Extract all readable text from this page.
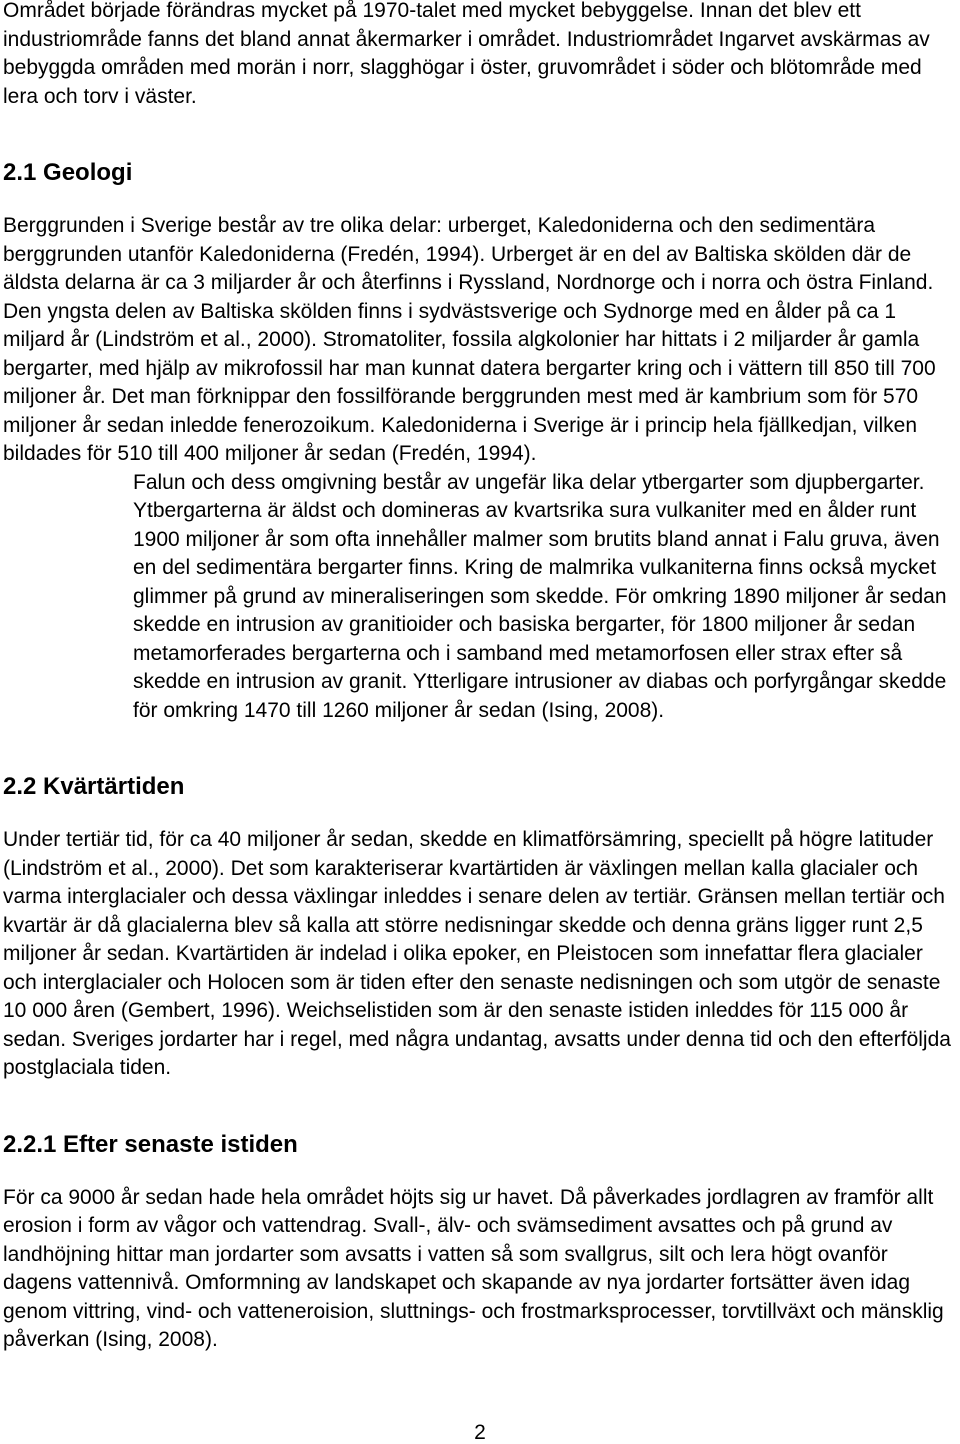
Området började förändras mycket på 1970-talet med mycket bebyggelse. Innan det blev ett industriområde fanns det bland annat åkermarker i området. Industriområdet Ingarvet avskärmas av bebyggda områden med morän i norr, slagghögar i öster, gruvområdet i söder och blötområde med lera och torv i väster.

2.1 Geologi

Berggrunden i Sverige består av tre olika delar: urberget, Kaledoniderna och den sedimentära berggrunden utanför Kaledoniderna (Fredén, 1994). Urberget är en del av Baltiska skölden där de äldsta delarna är ca 3 miljarder år och återfinns i Ryssland, Nordnorge och i norra och östra Finland. Den yngsta delen av Baltiska skölden finns i sydvästsverige och Sydnorge med en ålder på ca 1 miljard år (Lindström et al., 2000). Stromatoliter, fossila algkolonier har hittats i 2 miljarder år gamla bergarter, med hjälp av mikrofossil har man kunnat datera bergarter kring och i vättern till 850 till 700 miljoner år. Det man förknippar den fossilförande berggrunden mest med är kambrium som för 570 miljoner år sedan inledde fenerozoikum. Kaledoniderna i Sverige är i princip hela fjällkedjan, vilken bildades för 510 till 400 miljoner år sedan (Fredén, 1994).

Falun och dess omgivning består av ungefär lika delar ytbergarter som djupbergarter. Ytbergarterna är äldst och domineras av kvartsrika sura vulkaniter med en ålder runt 1900 miljoner år som ofta innehåller malmer som brutits bland annat i Falu gruva, även en del sedimentära bergarter finns. Kring de malmrika vulkaniterna finns också mycket glimmer på grund av mineraliseringen som skedde. För omkring 1890 miljoner år sedan skedde en intrusion av granitioider och basiska bergarter, för 1800 miljoner år sedan metamorferades bergarterna och i samband med metamorfosen eller strax efter så skedde en intrusion av granit. Ytterligare intrusioner av diabas och porfyrgångar skedde för omkring 1470 till 1260 miljoner år sedan (Ising, 2008).

2.2 Kvärtärtiden

Under tertiär tid, för ca 40 miljoner år sedan, skedde en klimatförsämring, speciellt på högre latituder (Lindström et al., 2000). Det som karakteriserar kvartärtiden är växlingen mellan kalla glacialer och varma interglacialer och dessa växlingar inleddes i senare delen av tertiär. Gränsen mellan tertiär och kvartär är då glacialerna blev så kalla att större nedisningar skedde och denna gräns ligger runt 2,5 miljoner år sedan. Kvartärtiden är indelad i olika epoker, en Pleistocen som innefattar flera glacialer och interglacialer och Holocen som är tiden efter den senaste nedisningen och som utgör de senaste 10 000 åren (Gembert, 1996). Weichselistiden som är den senaste istiden inleddes för 115 000 år sedan. Sveriges jordarter har i regel, med några undantag, avsatts under denna tid och den efterföljda postglaciala tiden.

2.2.1 Efter senaste istiden

För ca 9000 år sedan hade hela området höjts sig ur havet. Då påverkades jordlagren av framför allt erosion i form av vågor och vattendrag. Svall-, älv- och svämsediment avsattes och på grund av landhöjning hittar man jordarter som avsatts i vatten så som svallgrus, silt och lera högt ovanför dagens vattennivå. Omformning av landskapet och skapande av nya jordarter fortsätter även idag genom vittring, vind- och vatteneroision, sluttnings- och frostmarksprocesser, torvtillväxt och mänsklig påverkan (Ising, 2008).

2
